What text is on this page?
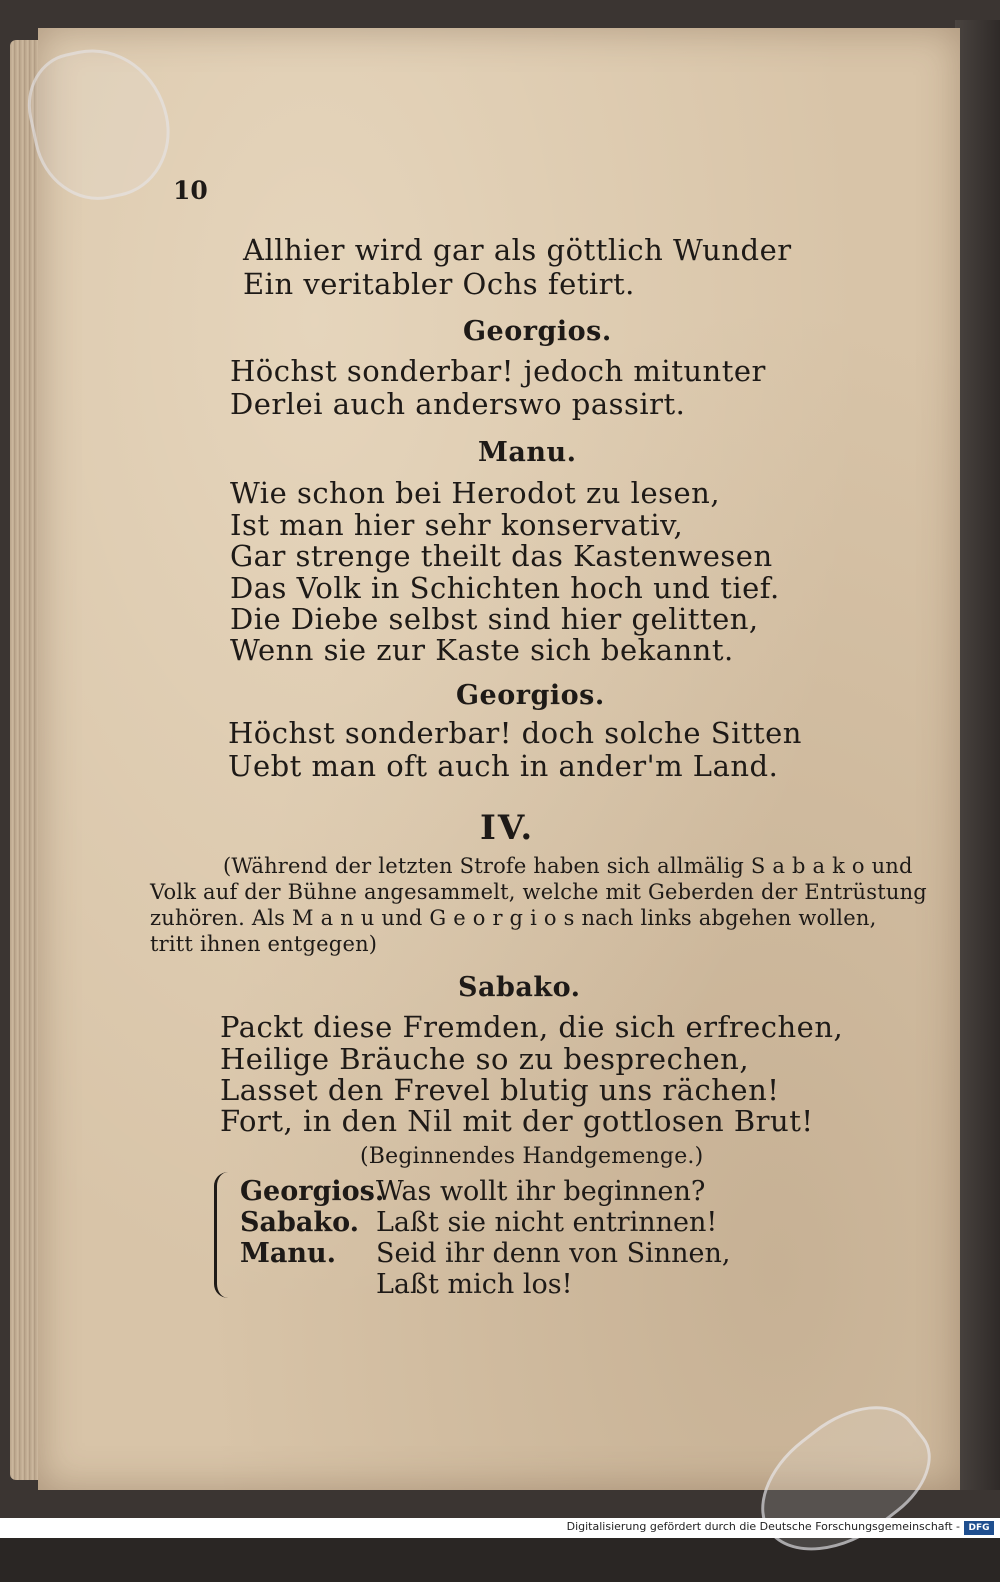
10
Allhier wird gar als göttlich Wunder
Ein veritabler Ochs fetirt.
Georgios.
Höchst sonderbar! jedoch mitunter
Derlei auch anderswo passirt.
Manu.
Wie schon bei Herodot zu lesen,
Ist man hier sehr konservativ,
Gar strenge theilt das Kastenwesen
Das Volk in Schichten hoch und tief.
Die Diebe selbst sind hier gelitten,
Wenn sie zur Kaste sich bekannt.
Georgios.
Höchst sonderbar! doch solche Sitten
Uebt man oft auch in ander'm Land.
IV.
(Während der letzten Strofe haben sich allmälig S a b a k o und
Volk auf der Bühne angesammelt, welche mit Geberden der Entrüstung
zuhören. Als M a n u und G e o r g i o s nach links abgehen wollen,
tritt ihnen entgegen)
Sabako.
Packt diese Fremden, die sich erfrechen,
Heilige Bräuche so zu besprechen,
Lasset den Frevel blutig uns rächen!
Fort, in den Nil mit der gottlosen Brut!
(Beginnendes Handgemenge.)
Georgios.
Was wollt ihr beginnen?
Sabako. Laßt sie nicht entrinnen!
Manu. Seid ihr denn von Sinnen,
Laßt mich los!
Digitalisierung gefördert durch die Deutsche Forschungsgemeinschaft - DFG
